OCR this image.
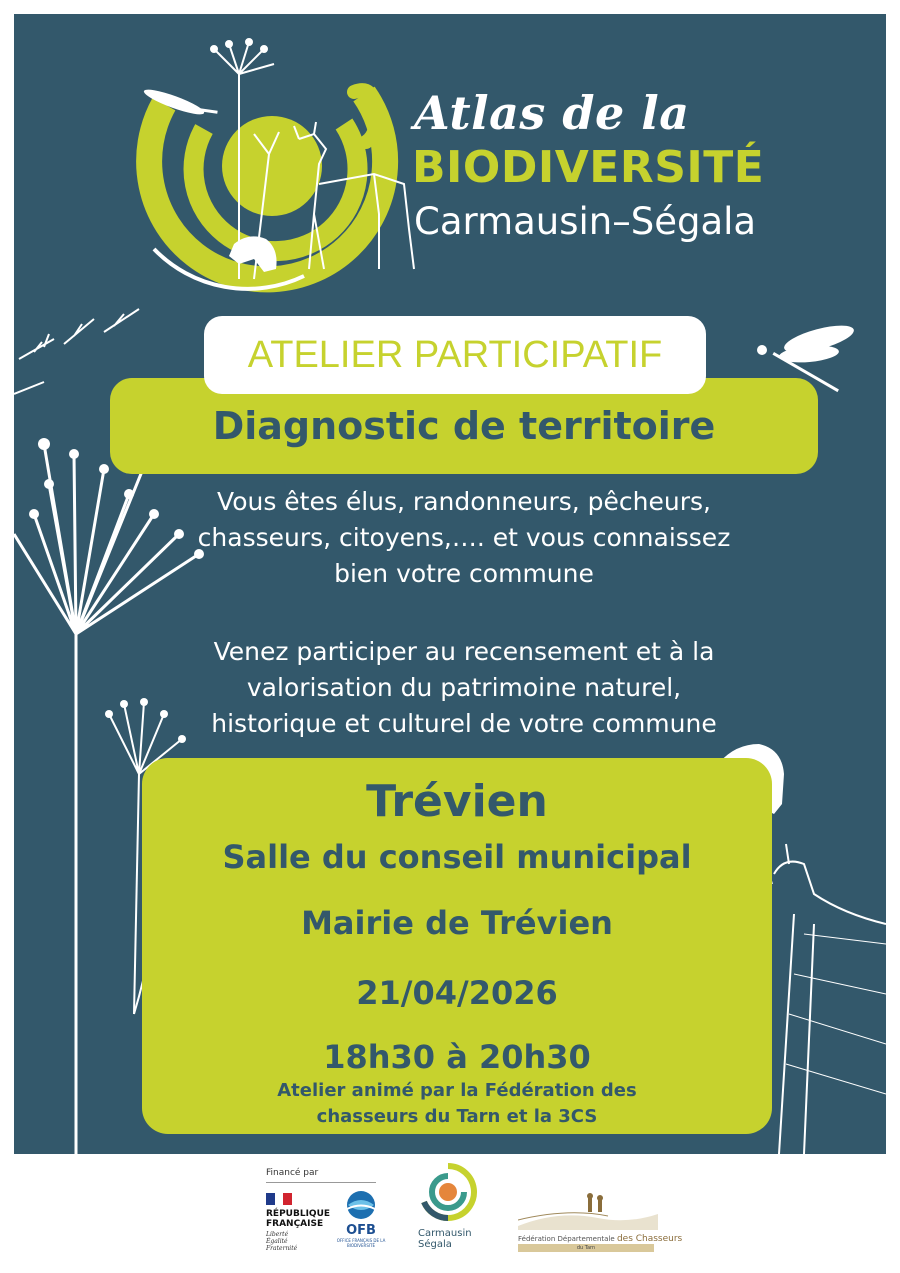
Atlas de la
BIODIVERSITÉ
Carmausin–Ségala
Diagnostic de territoire
ATELIER PARTICIPATIF
Vous êtes élus, randonneurs, pêcheurs,
chasseurs, citoyens,…. et vous connaissez
bien votre commune
Venez participer au recensement et à la
valorisation du patrimoine naturel,
historique et culturel de votre commune
Trévien
Salle du conseil municipal
Mairie de Trévien
21/04/2026
18h30 à 20h30
Atelier animé par la Fédération des
chasseurs du Tarn et la 3CS
Financé par
RÉPUBLIQUE
FRANÇAISE
Liberté
Égalité
Fraternité
OFB
OFFICE FRANÇAIS DE LA BIODIVERSITÉ
Carmausin
Ségala	Fédération Départementale des Chasseurs
du Tarn
